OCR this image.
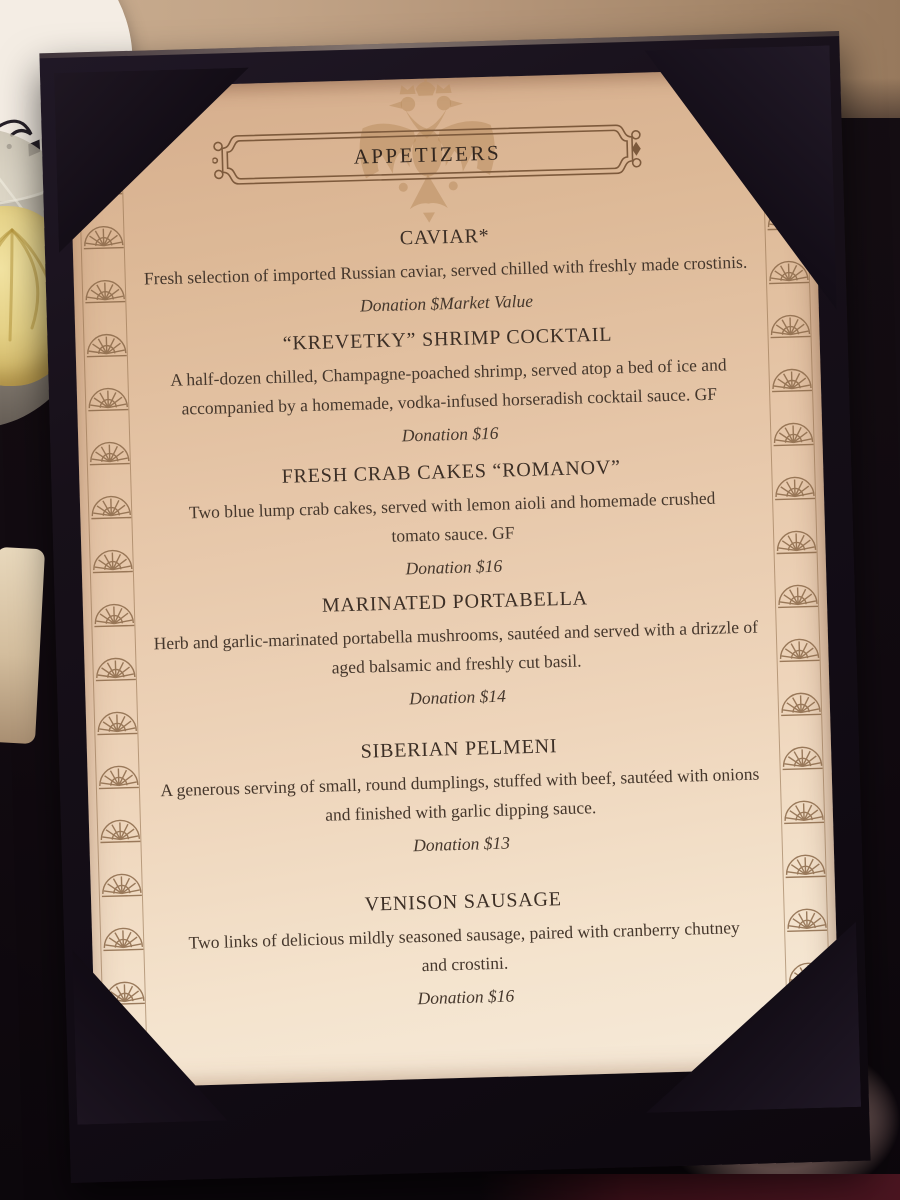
APPETIZERS
CAVIAR*
Fresh selection of imported Russian caviar, served chilled with freshly made crostinis.
Donation $Market Value
“KREVETKY” SHRIMP COCKTAIL
A half-dozen chilled, Champagne-poached shrimp, served atop a bed of ice and accompanied by a homemade, vodka-infused horseradish cocktail sauce. GF
Donation $16
FRESH CRAB CAKES “ROMANOV”
Two blue lump crab cakes, served with lemon aioli and homemade crushed tomato sauce. GF
Donation $16
MARINATED PORTABELLA
Herb and garlic-marinated portabella mushrooms, sautéed and served with a drizzle of aged balsamic and freshly cut basil.
Donation $14
SIBERIAN PELMENI
A generous serving of small, round dumplings, stuffed with beef, sautéed with onions and finished with garlic dipping sauce.
Donation $13
VENISON SAUSAGE
Two links of delicious mildly seasoned sausage, paired with cranberry chutney and crostini.
Donation $16
